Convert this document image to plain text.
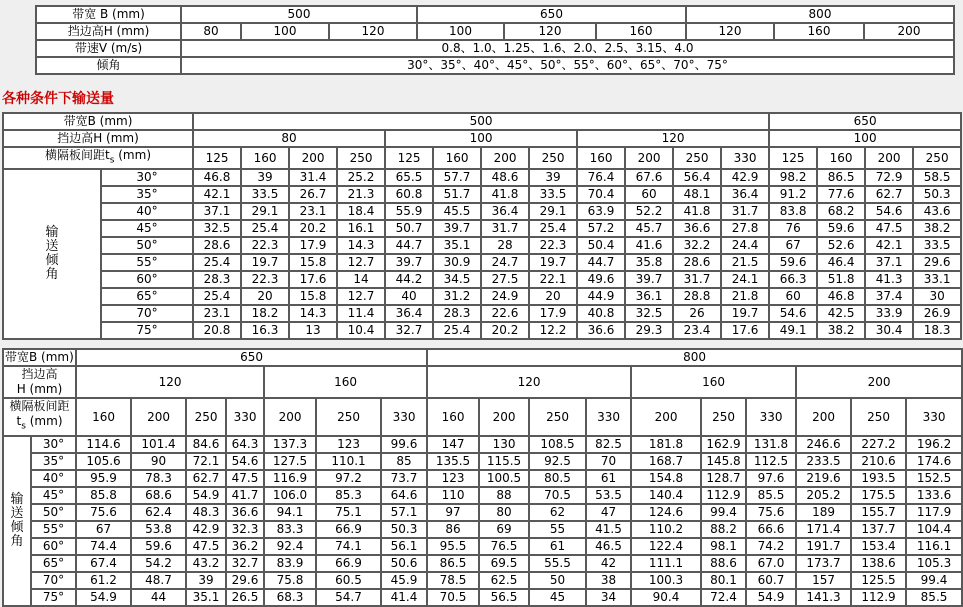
带宽 B (mm)	500			650			800		
挡边高H (mm)	80	100	120	100	120	160	120	160	200
带速V (m/s)	0.8、1.0、1.25、1.6、2.0、2.5、3.15、4.0								
倾角	30°、35°、40°、45°、50°、55°、60°、65°、70°、75°								
各种条件下输送量
带宽B (mm)		500												650			
挡边高H (mm)		80				100				120				100			
横隔板间距$t_s$ (mm)		125	160	200	250	125	160	200	250	160	200	250	330	125	160	200	250

输
送
倾
角	30°	46.8	39	31.4	25.2	65.5	57.7	48.6	39	76.4	67.6	56.4	42.9	98.2	86.5	72.9	58.5
	35°	42.1	33.5	26.7	21.3	60.8	51.7	41.8	33.5	70.4	60	48.1	36.4	91.2	77.6	62.7	50.3
	40°	37.1	29.1	23.1	18.4	55.9	45.5	36.4	29.1	63.9	52.2	41.8	31.7	83.8	68.2	54.6	43.6
	45°	32.5	25.4	20.2	16.1	50.7	39.7	31.7	25.4	57.2	45.7	36.6	27.8	76	59.6	47.5	38.2
	50°	28.6	22.3	17.9	14.3	44.7	35.1	28	22.3	50.4	41.6	32.2	24.4	67	52.6	42.1	33.5
	55°	25.4	19.7	15.8	12.7	39.7	30.9	24.7	19.7	44.7	35.8	28.6	21.5	59.6	46.4	37.1	29.6
	60°	28.3	22.3	17.6	14	44.2	34.5	27.5	22.1	49.6	39.7	31.7	24.1	66.3	51.8	41.3	33.1
	65°	25.4	20	15.8	12.7	40	31.2	24.9	20	44.9	36.1	28.8	21.8	60	46.8	37.4	30
	70°	23.1	18.2	14.3	11.4	36.4	28.3	22.6	17.9	40.8	32.5	26	19.7	54.6	42.5	33.9	26.9
	75°	20.8	16.3	13	10.4	32.7	25.4	20.2	12.2	36.6	29.3	23.4	17.6	49.1	38.2	30.4	18.3
带宽B (mm)		650							800									
挡边高
H (mm)		120				160			120				160			200		
横隔板间距
$t_s$ (mm)		160	200	250	330	200	250	330	160	200	250	330	200	250	330	200	250	330

输
送
倾
角	30°	114.6	101.4	84.6	64.3	137.3	123	99.6	147	130	108.5	82.5	181.8	162.9	131.8	246.6	227.2	196.2
	35°	105.6	90	72.1	54.6	127.5	110.1	85	135.5	115.5	92.5	70	168.7	145.8	112.5	233.5	210.6	174.6
	40°	95.9	78.3	62.7	47.5	116.9	97.2	73.7	123	100.5	80.5	61	154.8	128.7	97.6	219.6	193.5	152.5
	45°	85.8	68.6	54.9	41.7	106.0	85.3	64.6	110	88	70.5	53.5	140.4	112.9	85.5	205.2	175.5	133.6
	50°	75.6	62.4	48.3	36.6	94.1	75.1	57.1	97	80	62	47	124.6	99.4	75.6	189	155.7	117.9
	55°	67	53.8	42.9	32.3	83.3	66.9	50.3	86	69	55	41.5	110.2	88.2	66.6	171.4	137.7	104.4
	60°	74.4	59.6	47.5	36.2	92.4	74.1	56.1	95.5	76.5	61	46.5	122.4	98.1	74.2	191.7	153.4	116.1
	65°	67.4	54.2	43.2	32.7	83.9	66.9	50.6	86.5	69.5	55.5	42	111.1	88.6	67.0	173.7	138.6	105.3
	70°	61.2	48.7	39	29.6	75.8	60.5	45.9	78.5	62.5	50	38	100.3	80.1	60.7	157	125.5	99.4
	75°	54.9	44	35.1	26.5	68.3	54.7	41.4	70.5	56.5	45	34	90.4	72.4	54.9	141.3	112.9	85.5
